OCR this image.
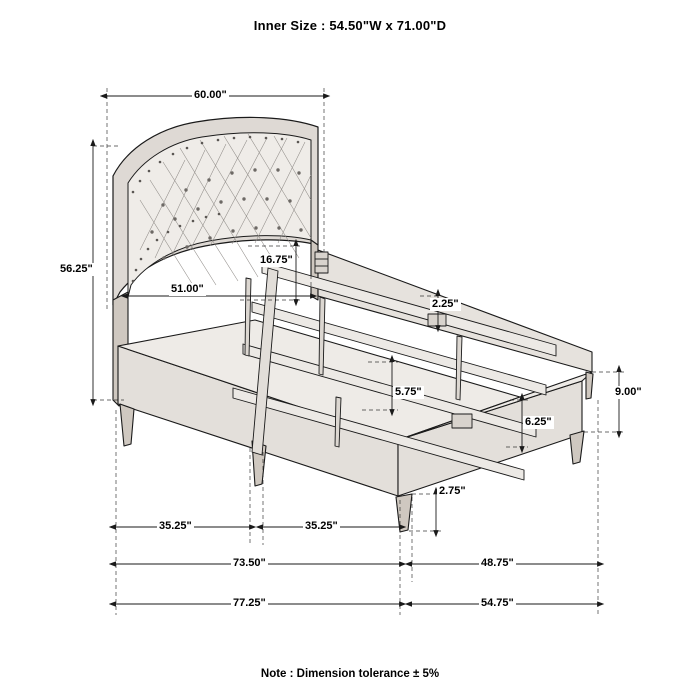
Inner Size : 54.50"W x 71.00"D
60.00"
56.25"
51.00"
16.75"
2.25"
5.75"
6.25"
2.75"
9.00"
35.25"	35.25"
73.50"	48.75"
77.25"	54.75"
Note : Dimension tolerance ± 5%
